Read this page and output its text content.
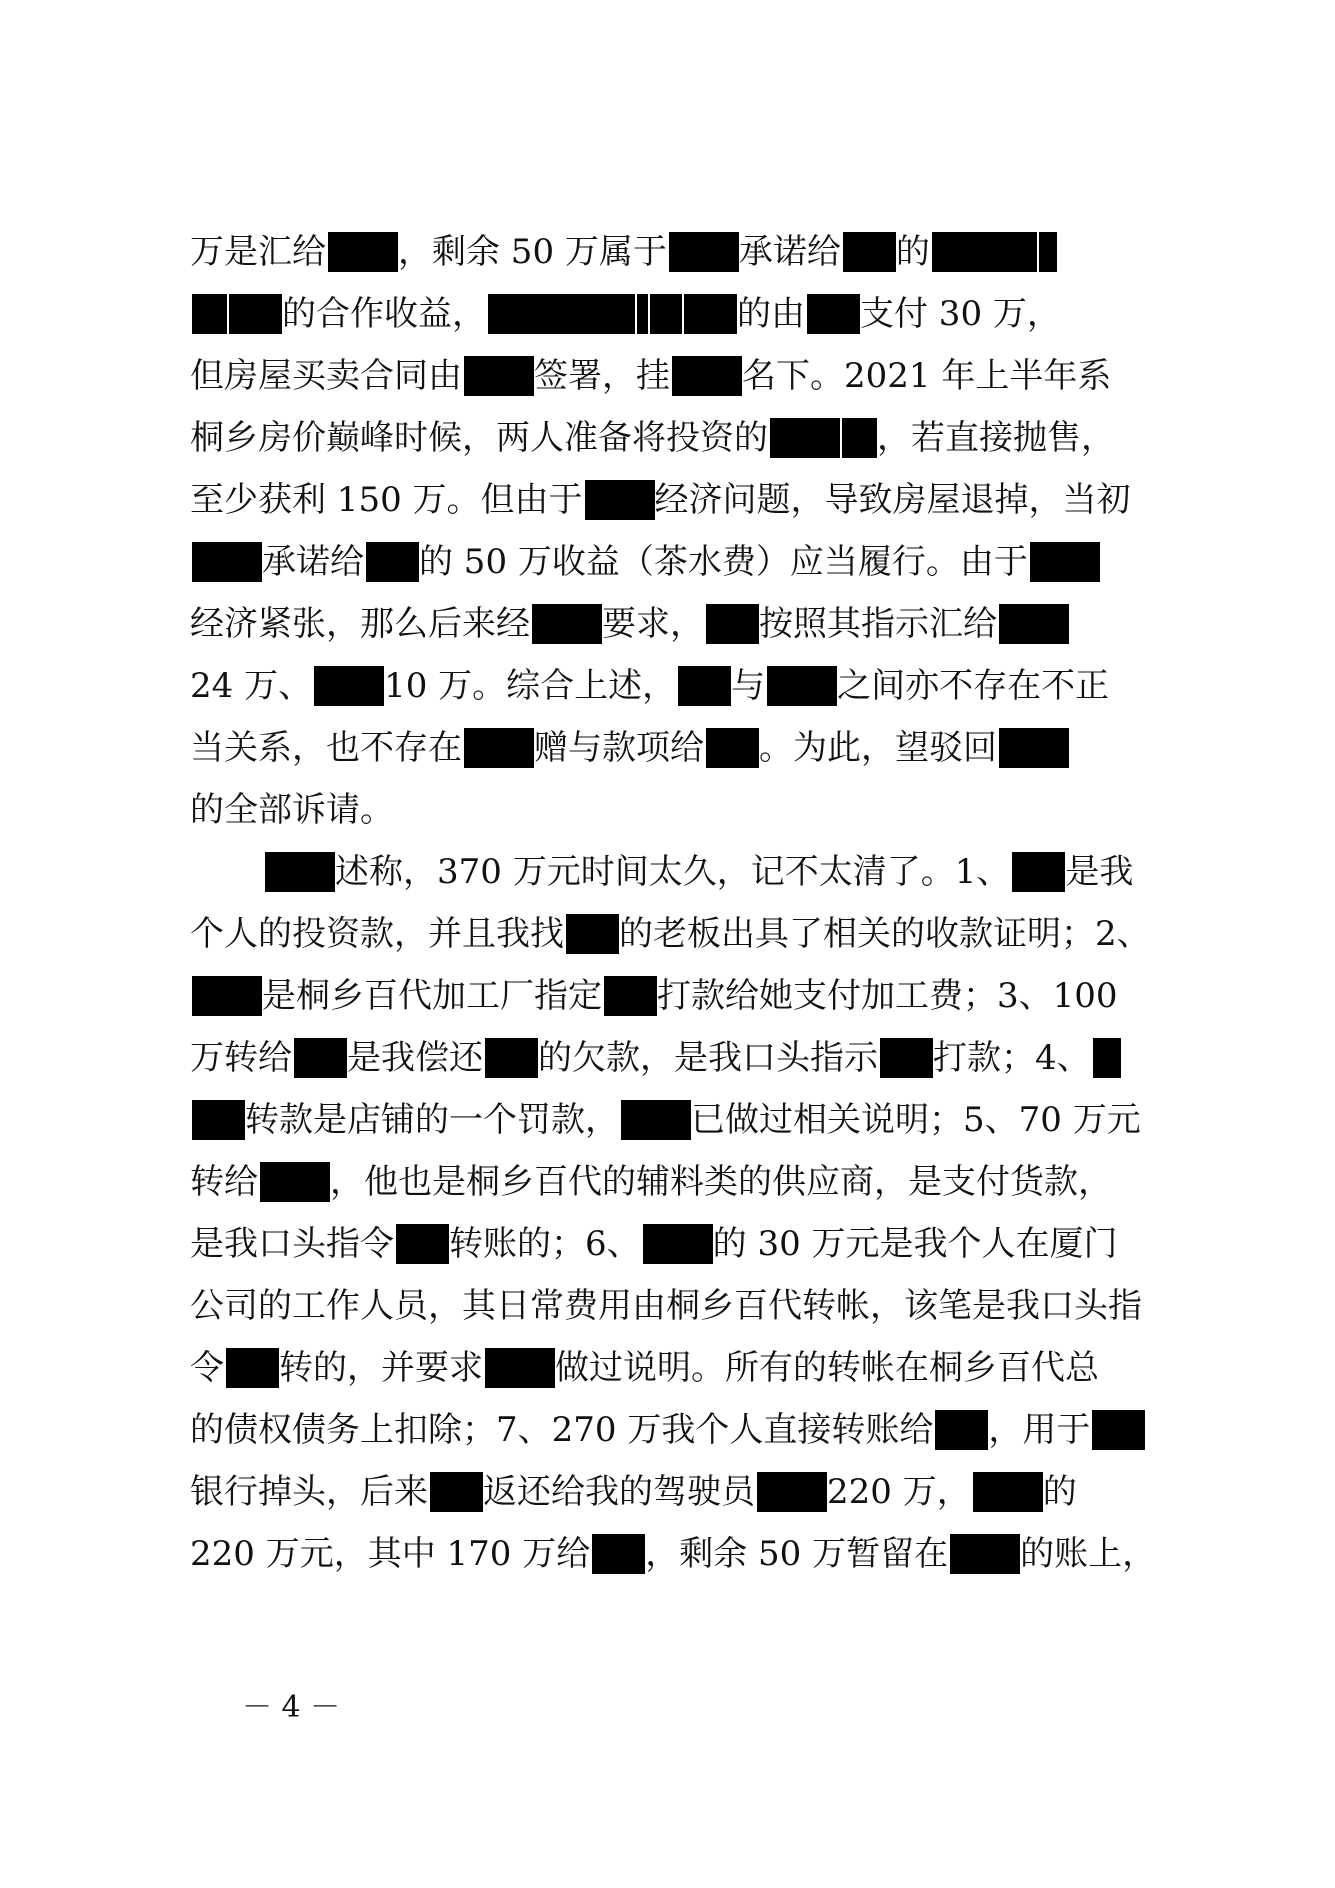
万是汇给 ，剩余 50 万属于 承诺给 的
的合作收益，	的由 支付 30 万，
但房屋买卖合同由 签署，挂 名下。2021 年上半年系
桐乡房价巅峰时候，两人准备将投资的	，若直接抛售，
至少获利 150 万。但由于 经济问题，导致房屋退掉，当初
承诺给 的 50 万收益（茶水费）应当履行。由于
经济紧张，那么后来经 要求， 按照其指示汇给
24 万、 10 万。综合上述， 与 之间亦不存在不正
当关系，也不存在 赠与款项给 。为此，望驳回
的全部诉请。
述称，370 万元时间太久，记不太清了。1、 是我
个人的投资款，并且我找 的老板出具了相关的收款证明；2、
是桐乡百代加工厂指定 打款给她支付加工费；3、100
万转给 是我偿还 的欠款，是我口头指示 打款；4、
转款是店铺的一个罚款， 已做过相关说明；5、70 万元
转给 ，他也是桐乡百代的辅料类的供应商，是支付货款，
是我口头指令 转账的；6、 的 30 万元是我个人在厦门
公司的工作人员，其日常费用由桐乡百代转帐，该笔是我口头指
令 转的，并要求 做过说明。所有的转帐在桐乡百代总
的债权债务上扣除；7、270 万我个人直接转账给 ，用于
银行掉头，后来 返还给我的驾驶员 220 万， 的
220 万元，其中 170 万给 ，剩余 50 万暂留在 的账上，
－ 4 －
